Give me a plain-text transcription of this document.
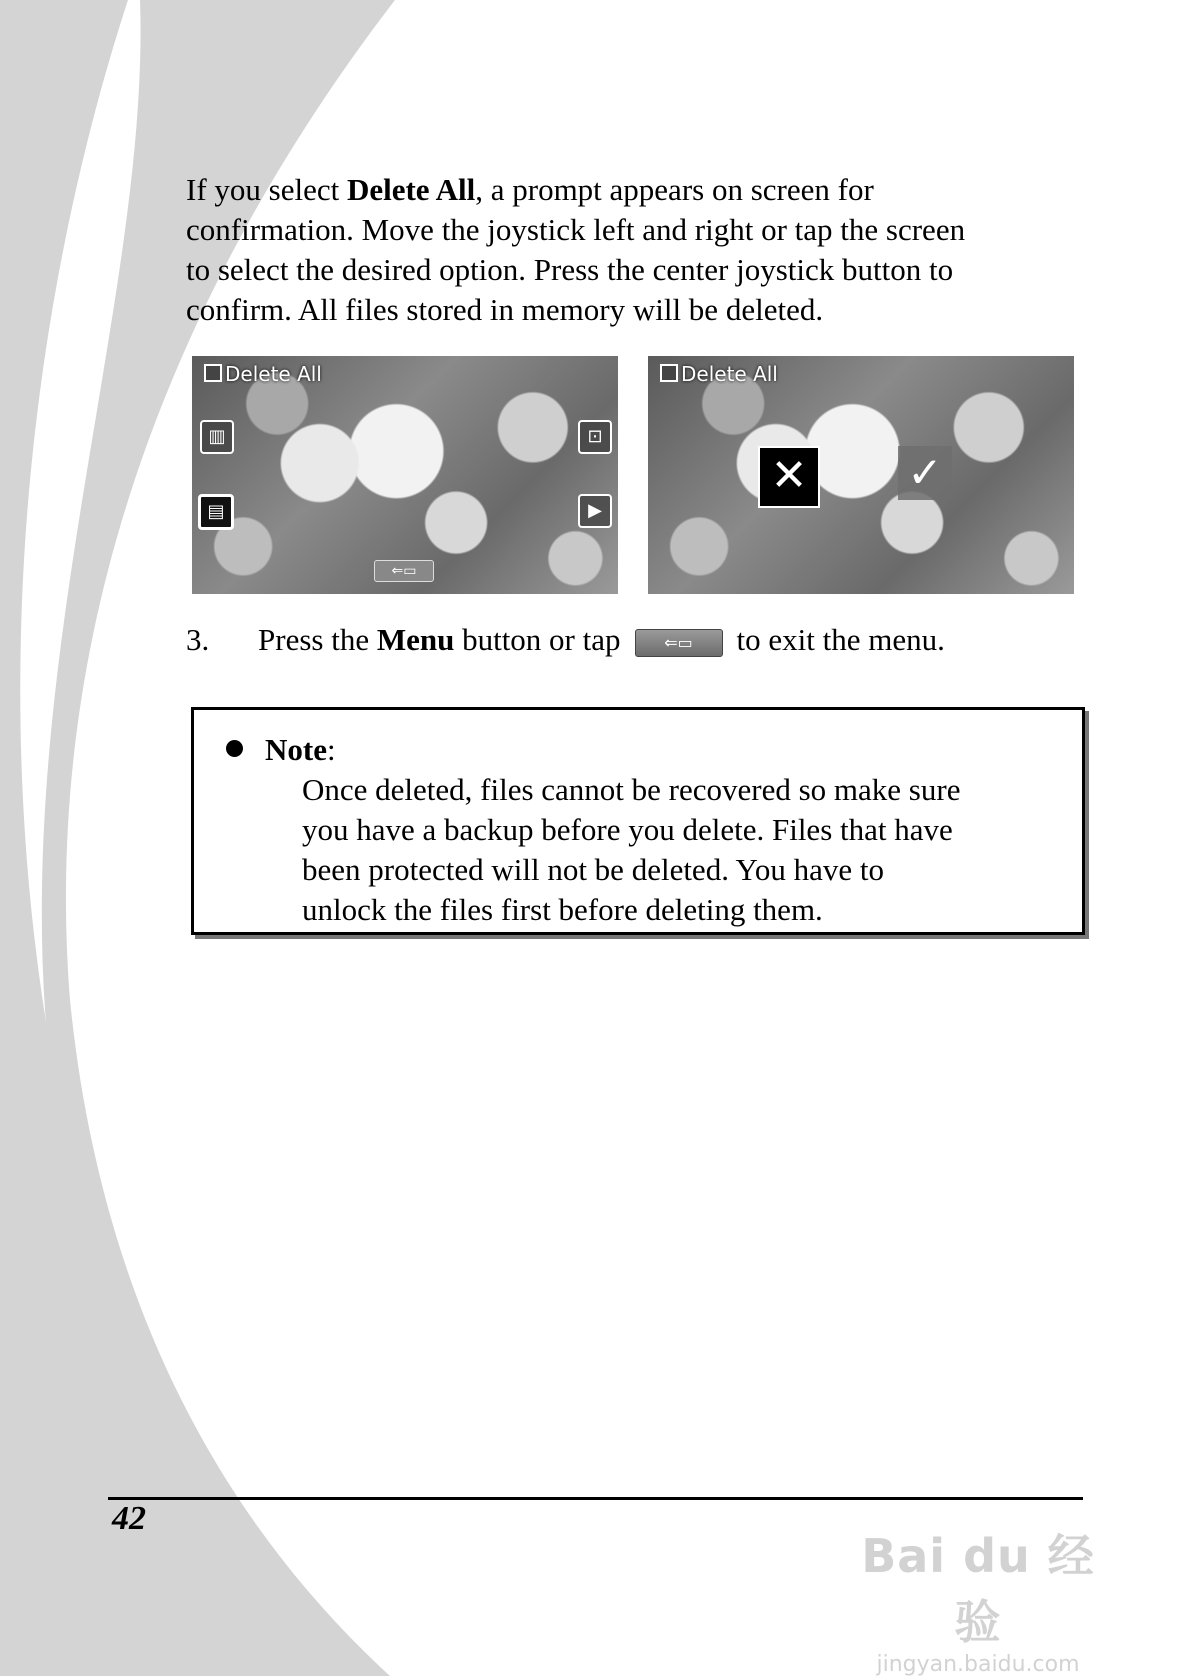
If you select Delete All, a prompt appears on screen for
confirmation. Move the joystick left and right or tap the screen
to select the desired option. Press the center joystick button to
confirm. All files stored in memory will be deleted.

Delete All
▥
▤
⊡
▶
⇐▭
Delete All
✕ ✓
3. Press the Menu button or tap	⇐▭ to exit the menu.
Note:
Once deleted, files cannot be recovered so make sure
you have a backup before you delete. Files that have
been protected will not be deleted. You have to
unlock the files first before deleting them.
42
Bai du 经验
jingyan.baidu.com
